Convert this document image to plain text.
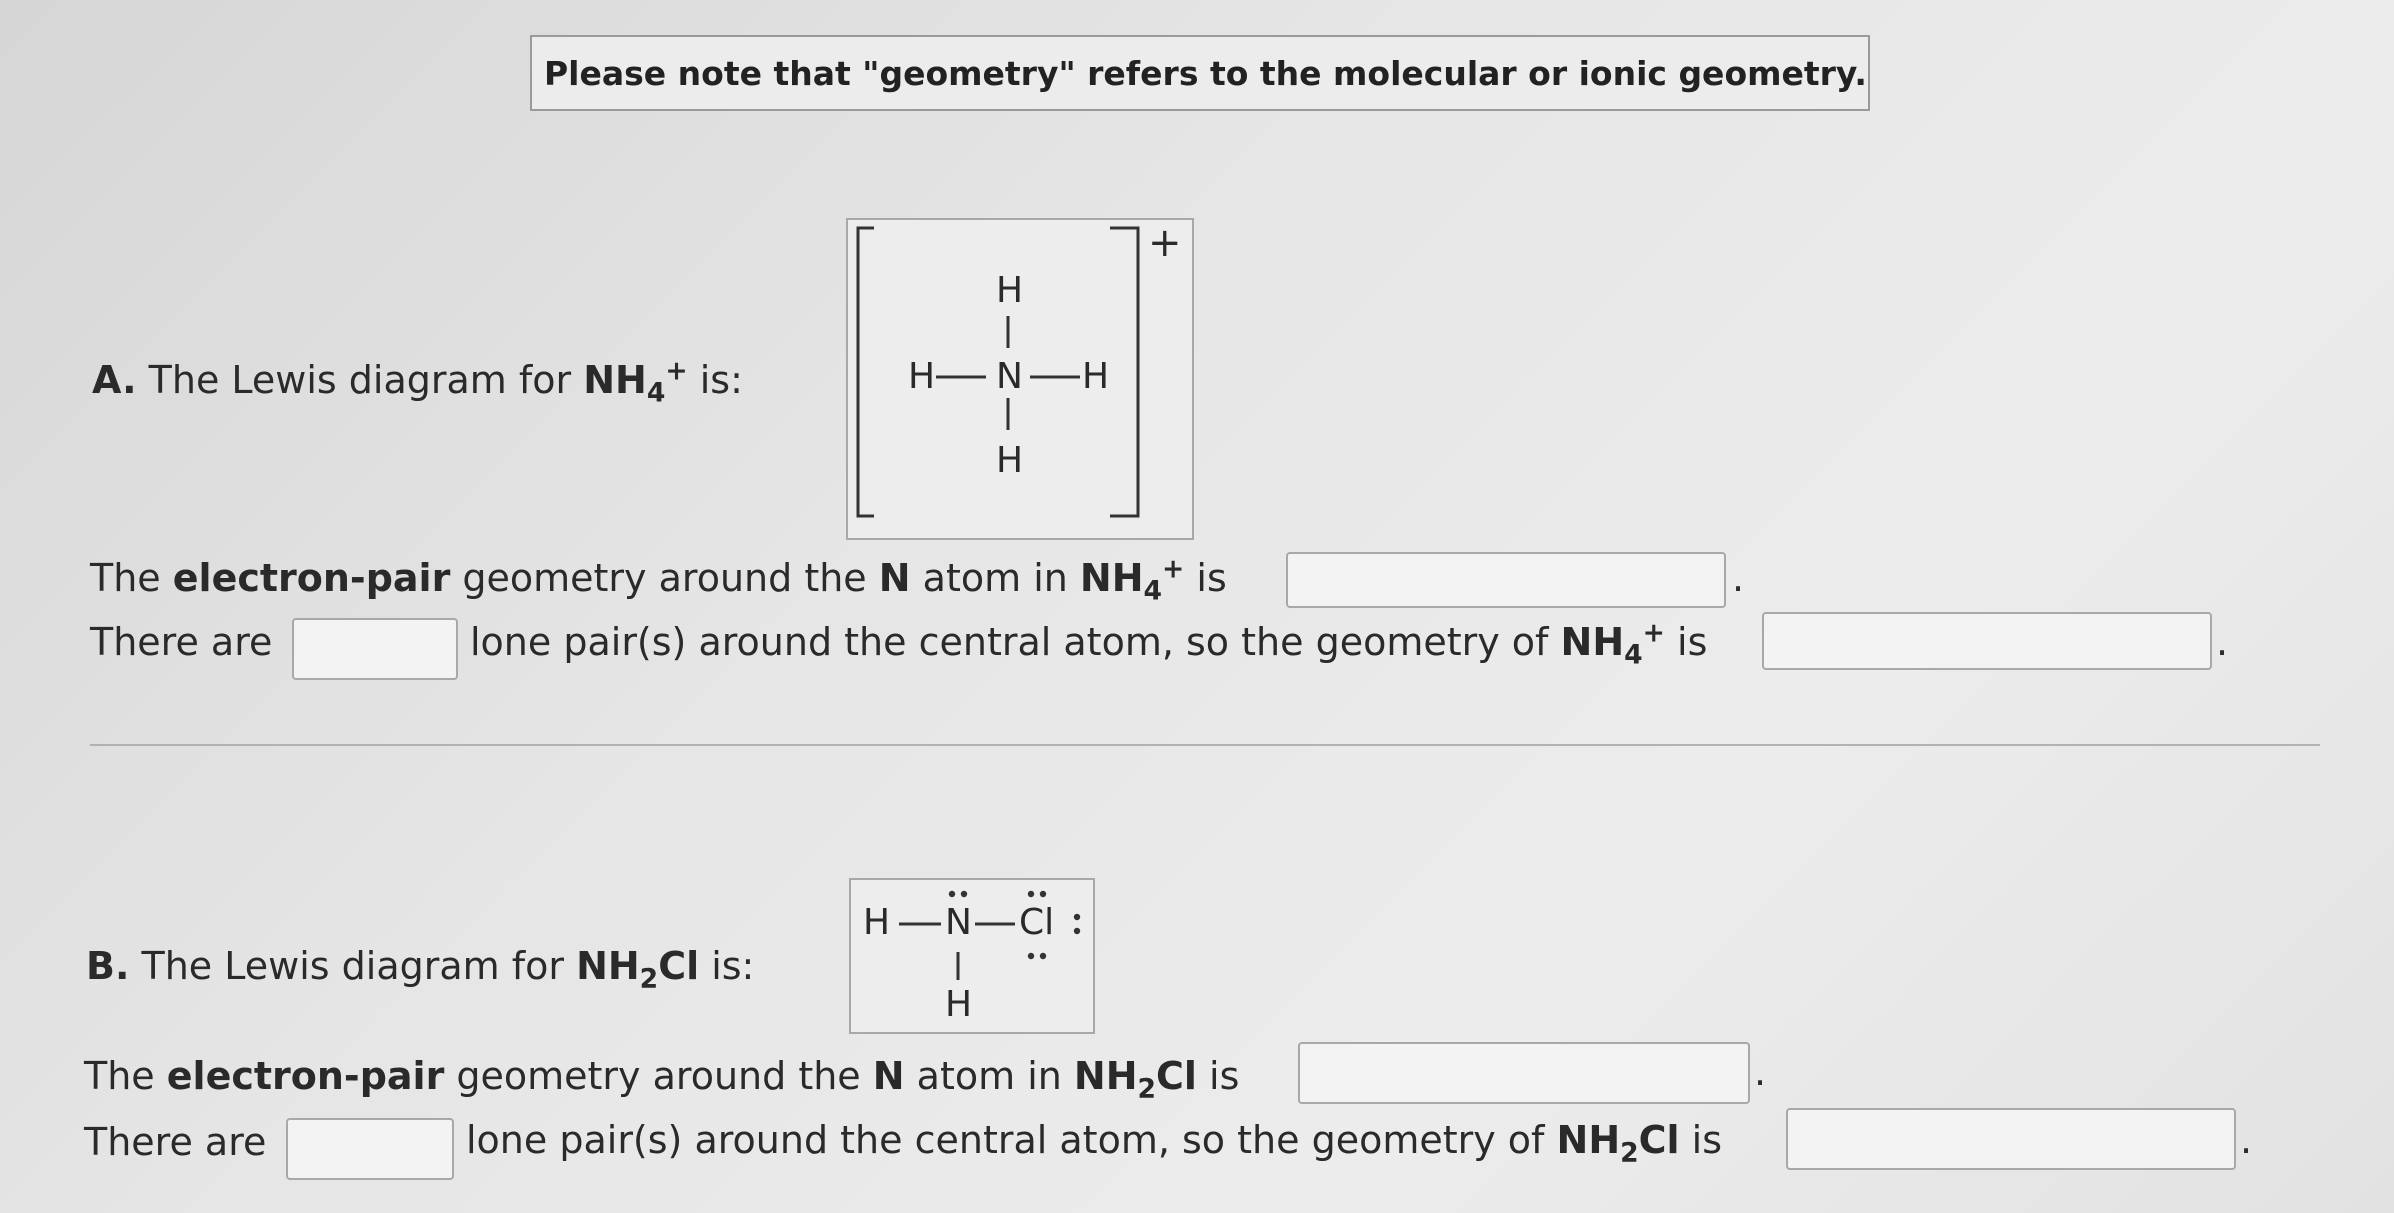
Please note that "geometry" refers to the molecular or ionic geometry.
A. The Lewis diagram for $NH_4^+$ is:
H
H N H
H
+
The electron-pair geometry around the N atom in $NH_4^+$ is	.
There are	lone pair(s) around the central atom, so the geometry of $NH_4^+$ is	.
B. The Lewis diagram for $NH_2Cl$ is:
H N Cl
H
The electron-pair geometry around the N atom in $NH_2Cl$ is	.
There are	lone pair(s) around the central atom, so the geometry of $NH_2Cl$ is	.
